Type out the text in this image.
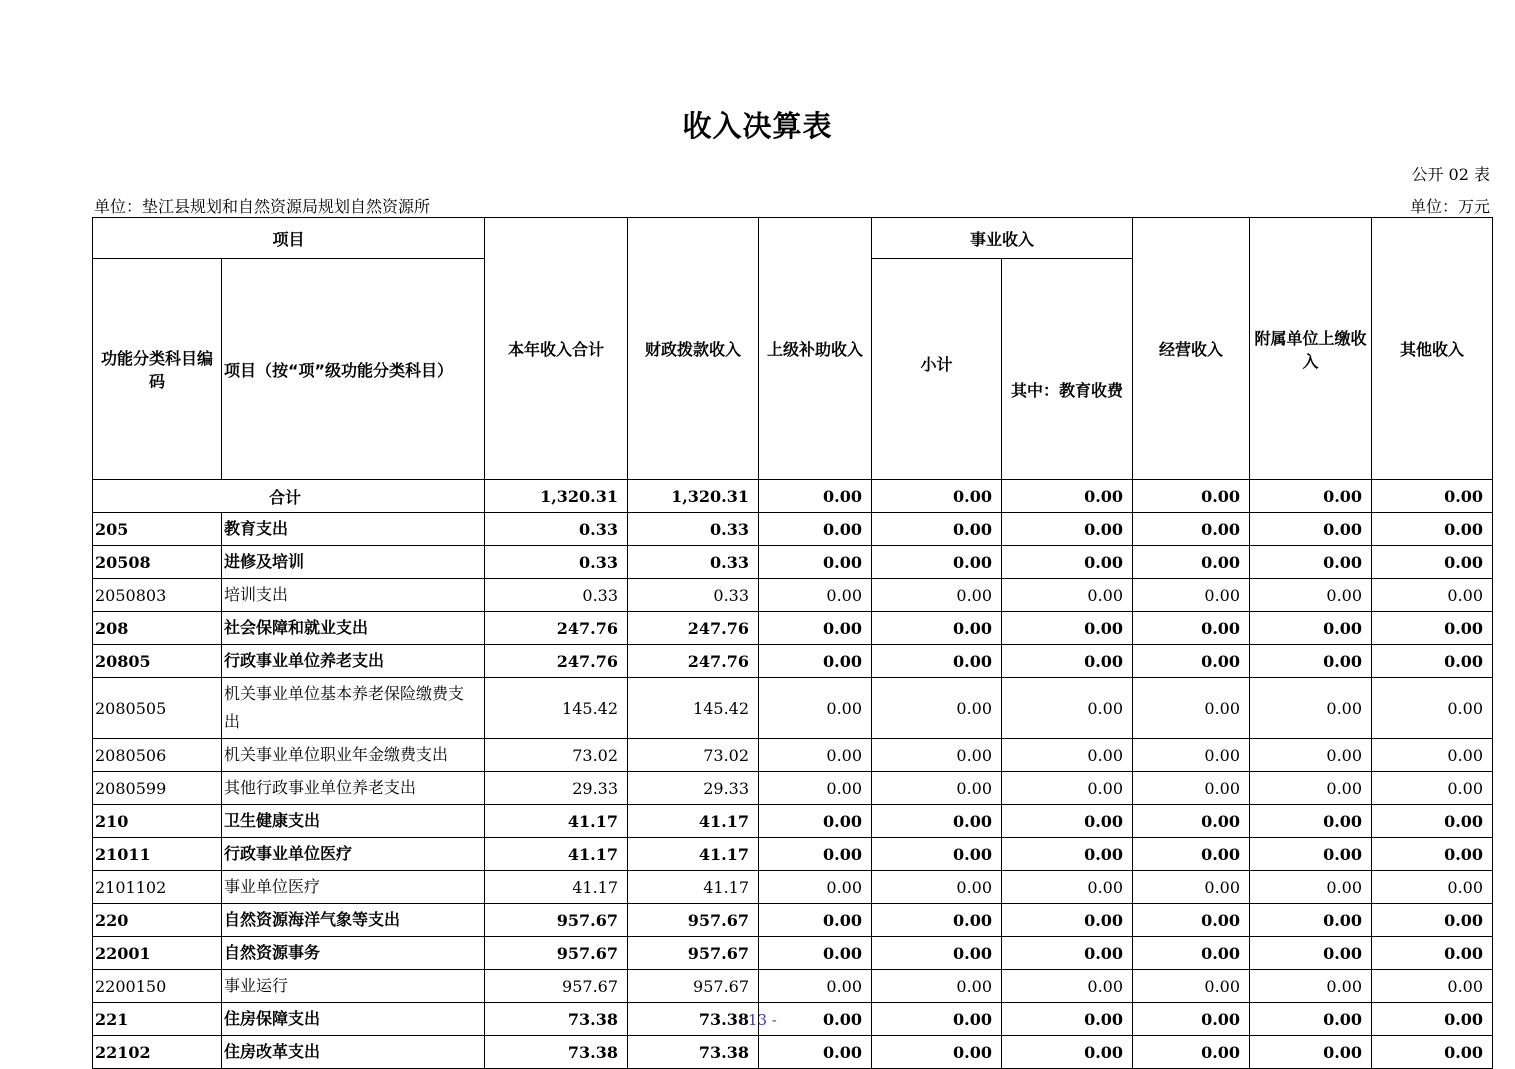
收入决算表
公开 02 表
单位：垫江县规划和自然资源局规划自然资源所	单位：万元
项目		本年收入合计	财政拨款收入	上级补助收入	事业收入		经营收入	附属单位上缴收入	其他收入
功能分类科目编码	项目（按“项”级功能分类科目）				小计	其中：教育收费			
合计		1,320.31	1,320.31	0.00	0.00	0.00	0.00	0.00	0.00
205	教育支出	0.33	0.33	0.00	0.00	0.00	0.00	0.00	0.00
20508	进修及培训	0.33	0.33	0.00	0.00	0.00	0.00	0.00	0.00
2050803	培训支出	0.33	0.33	0.00	0.00	0.00	0.00	0.00	0.00
208	社会保障和就业支出	247.76	247.76	0.00	0.00	0.00	0.00	0.00	0.00
20805	行政事业单位养老支出	247.76	247.76	0.00	0.00	0.00	0.00	0.00	0.00
2080505	机关事业单位基本养老保险缴费支出	145.42	145.42	0.00	0.00	0.00	0.00	0.00	0.00
2080506	机关事业单位职业年金缴费支出	73.02	73.02	0.00	0.00	0.00	0.00	0.00	0.00
2080599	其他行政事业单位养老支出	29.33	29.33	0.00	0.00	0.00	0.00	0.00	0.00
210	卫生健康支出	41.17	41.17	0.00	0.00	0.00	0.00	0.00	0.00
21011	行政事业单位医疗	41.17	41.17	0.00	0.00	0.00	0.00	0.00	0.00
2101102	事业单位医疗	41.17	41.17	0.00	0.00	0.00	0.00	0.00	0.00
220	自然资源海洋气象等支出	957.67	957.67	0.00	0.00	0.00	0.00	0.00	0.00
22001	自然资源事务	957.67	957.67	0.00	0.00	0.00	0.00	0.00	0.00
2200150	事业运行	957.67	957.67	0.00	0.00	0.00	0.00	0.00	0.00
221	住房保障支出	73.38	73.38	0.00	0.00	0.00	0.00	0.00	0.00
22102	住房改革支出	73.38	73.38	0.00	0.00	0.00	0.00	0.00	0.00
- 13 -
